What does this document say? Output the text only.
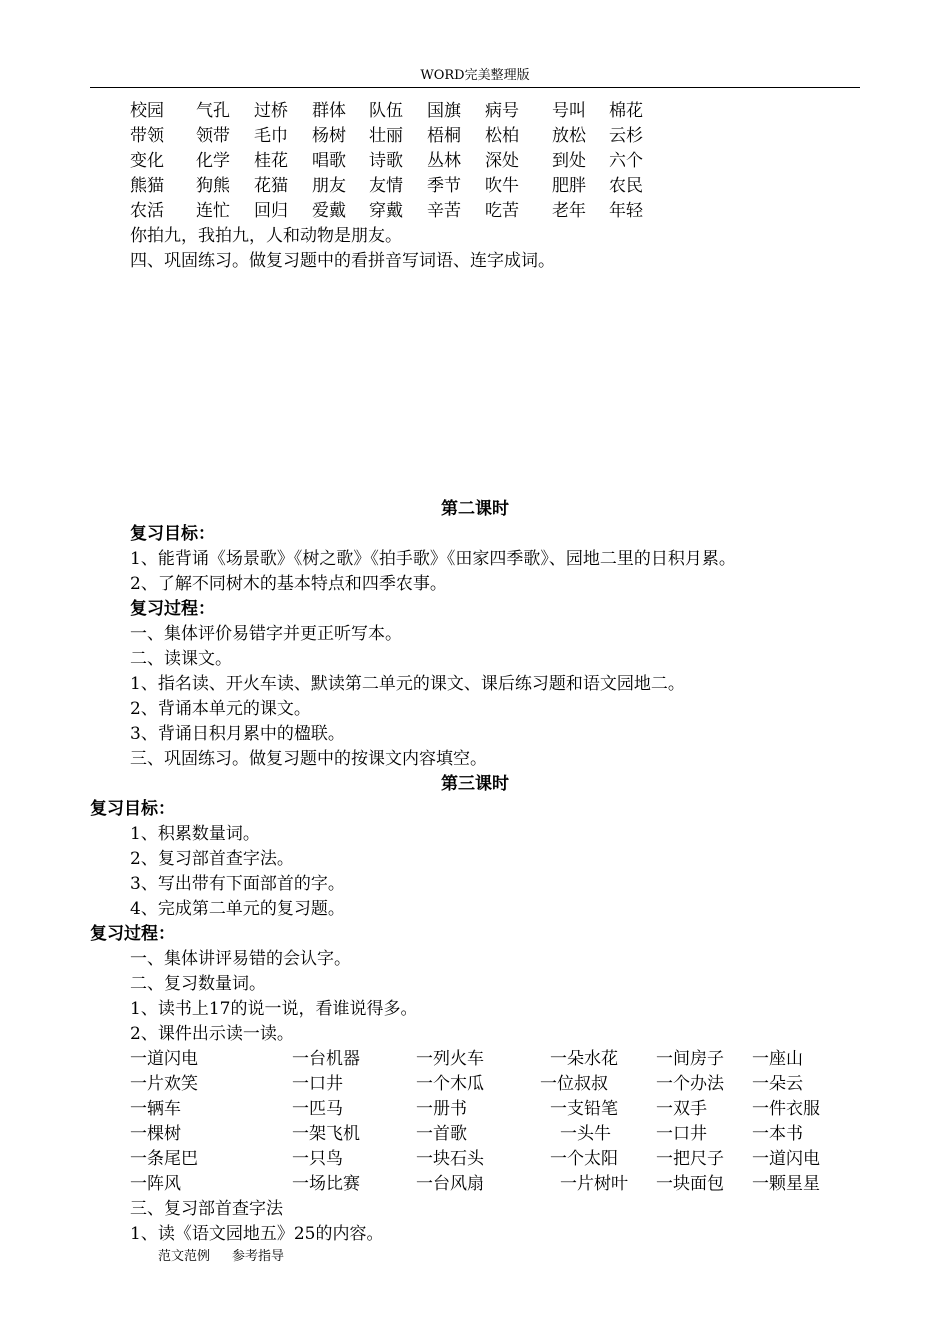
WORD完美整理版
校园 气孔 过桥 群体 队伍 国旗 病号 号叫 棉花
带领 领带 毛巾 杨树 壮丽 梧桐 松柏 放松 云杉
变化 化学 桂花 唱歌 诗歌 丛林 深处 到处 六个
熊猫 狗熊 花猫 朋友 友情 季节 吹牛 肥胖 农民
农活 连忙 回归 爱戴 穿戴 辛苦 吃苦 老年 年轻
你拍九，我拍九，人和动物是朋友。
四、巩固练习。做复习题中的看拼音写词语、连字成词。
第二课时
复习目标：
1、能背诵《场景歌》《树之歌》《拍手歌》《田家四季歌》、园地二里的日积月累。
2、了解不同树木的基本特点和四季农事。
复习过程：
一、集体评价易错字并更正听写本。
二、读课文。
1、指名读、开火车读、默读第二单元的课文、课后练习题和语文园地二。
2、背诵本单元的课文。
3、背诵日积月累中的楹联。
三、巩固练习。做复习题中的按课文内容填空。
第三课时
复习目标：
1、积累数量词。
2、复习部首查字法。
3、写出带有下面部首的字。
4、完成第二单元的复习题。
复习过程：
一、集体讲评易错的会认字。
二、复习数量词。
1、读书上17的说一说，看谁说得多。
2、课件出示读一读。
一道闪电	一台机器	一列火车	一朵水花 一间房子 一座山
一片欢笑	一口井	一个木瓜	一位叔叔	一个办法 一朵云
一辆车	一匹马	一册书	一支铅笔 一双手	一件衣服
一棵树	一架飞机	一首歌	一头牛	一口井	一本书
一条尾巴	一只鸟	一块石头	一个太阳 一把尺子 一道闪电
一阵风	一场比赛	一台风扇	一片树叶 一块面包 一颗星星
三、复习部首查字法
1、读《语文园地五》25的内容。
范文范例 参考指导
